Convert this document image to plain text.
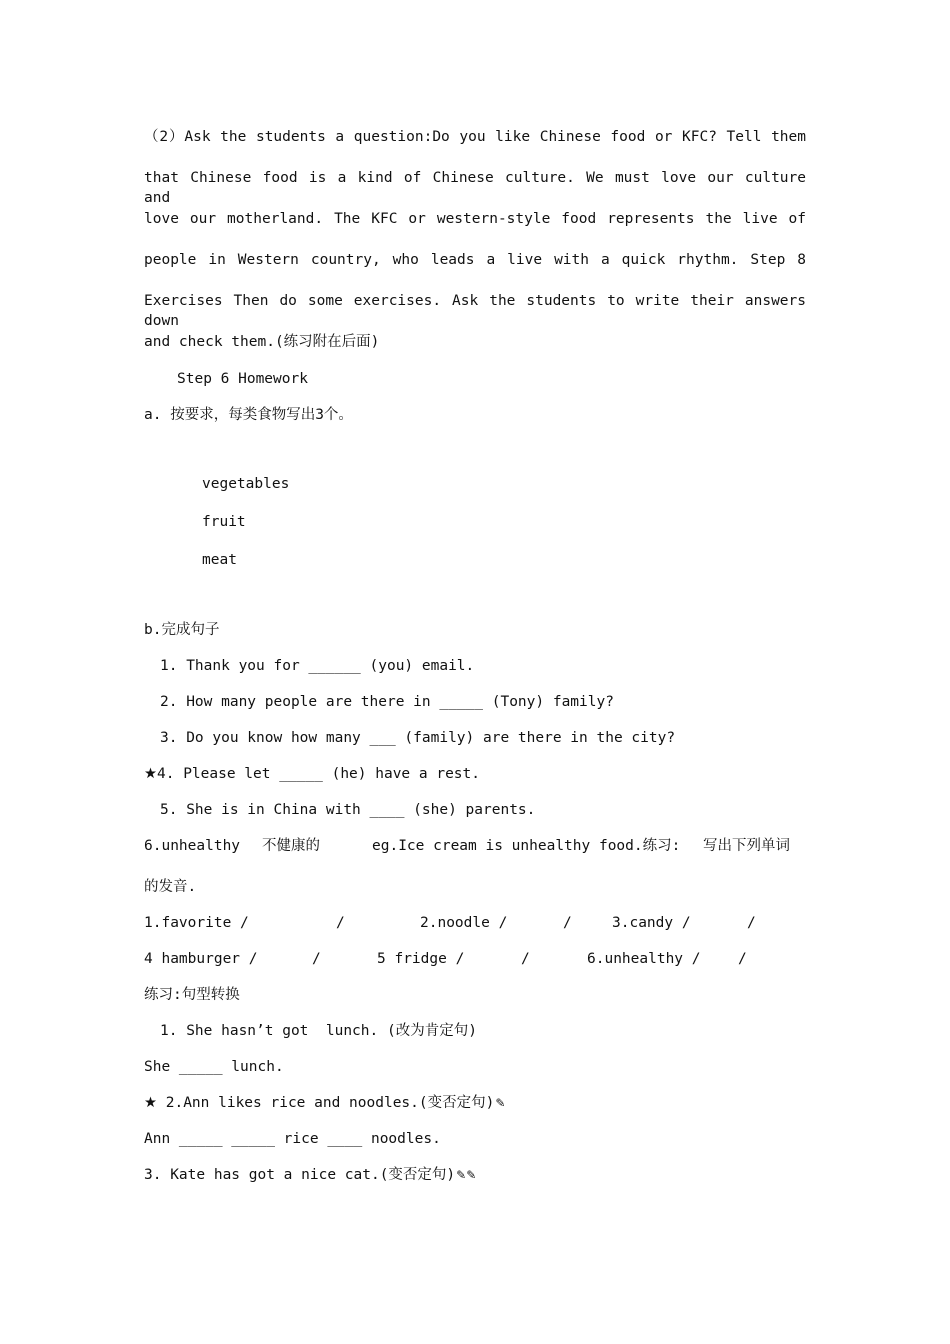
（2）Ask the students a question:Do you like Chinese food or KFC? Tell them
that Chinese food is a kind of Chinese culture. We must love our culture and
love our motherland. The KFC or western-style food represents the live of
people in Western country, who leads a live with a quick rhythm. Step 8
Exercises Then do some exercises. Ask the students to write their answers down
and check them.(练习附在后面)
Step 6 Homework
a. 按要求，每类食物写出3个。
vegetables
fruit
meat
b.完成句子
1. Thank you for ______ (you) email.
2. How many people are there in _____ (Tony) family?
3. Do you know how many ___ (family) are there in the city?
★4. Please let _____ (he) have a rest.
5. She is in China with ____ (she) parents.
6.unhealthy 不健康的	eg.Ice cream is unhealthy food.练习: 写出下列单词
的发音.
1.favorite /	/	2.noodle /	/	3.candy /	/
4 hamburger /	/	5 fridge /	/	6.unhealthy /	/
练习:句型转换
1. She hasn’t got  lunch. (改为肯定句)
She _____ lunch.
★ 2.Ann likes rice and noodles.(变否定句)✎
Ann _____ _____ rice ____ noodles.
3. Kate has got a nice cat.(变否定句)✎✎
